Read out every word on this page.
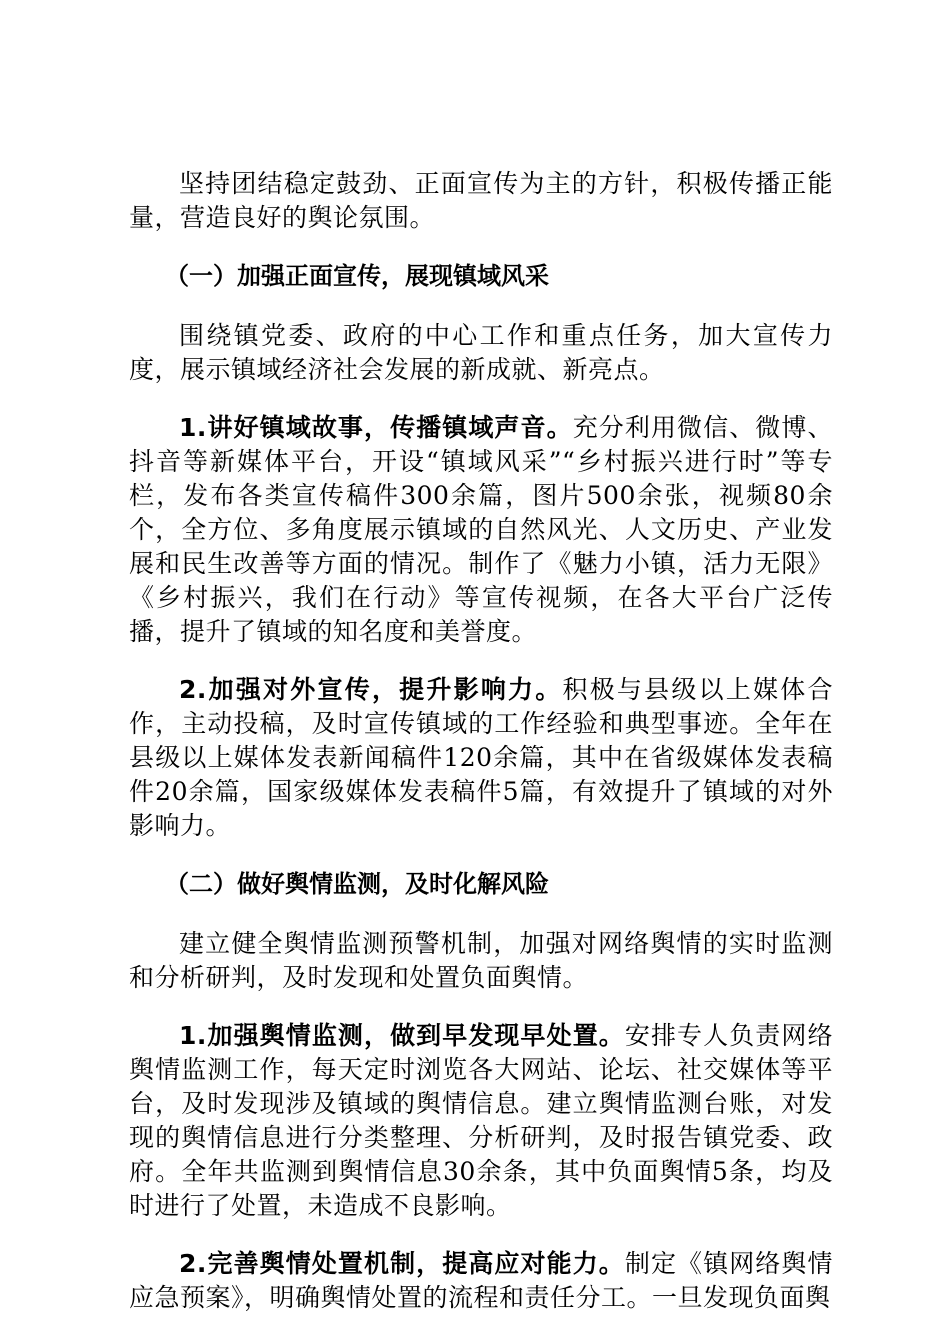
坚持团结稳定鼓劲、正面宣传为主的方针，积极传播正能量，营造良好的舆论氛围。

（一）加强正面宣传，展现镇域风采

围绕镇党委、政府的中心工作和重点任务，加大宣传力度，展示镇域经济社会发展的新成就、新亮点。

1.讲好镇域故事，传播镇域声音。充分利用微信、微博、抖音等新媒体平台，开设“镇域风采”“乡村振兴进行时”等专栏，发布各类宣传稿件300余篇，图片500余张，视频80余个，全方位、多角度展示镇域的自然风光、人文历史、产业发展和民生改善等方面的情况。制作了《魅力小镇，活力无限》《乡村振兴，我们在行动》等宣传视频，在各大平台广泛传播，提升了镇域的知名度和美誉度。

2.加强对外宣传，提升影响力。积极与县级以上媒体合作，主动投稿，及时宣传镇域的工作经验和典型事迹。全年在县级以上媒体发表新闻稿件120余篇，其中在省级媒体发表稿件20余篇，国家级媒体发表稿件5篇，有效提升了镇域的对外影响力。

（二）做好舆情监测，及时化解风险

建立健全舆情监测预警机制，加强对网络舆情的实时监测和分析研判，及时发现和处置负面舆情。

1.加强舆情监测，做到早发现早处置。安排专人负责网络舆情监测工作，每天定时浏览各大网站、论坛、社交媒体等平台，及时发现涉及镇域的舆情信息。建立舆情监测台账，对发现的舆情信息进行分类整理、分析研判，及时报告镇党委、政府。全年共监测到舆情信息30余条，其中负面舆情5条，均及时进行了处置，未造成不良影响。

2.完善舆情处置机制，提高应对能力。制定《镇网络舆情应急预案》，明确舆情处置的流程和责任分工。一旦发现负面舆
